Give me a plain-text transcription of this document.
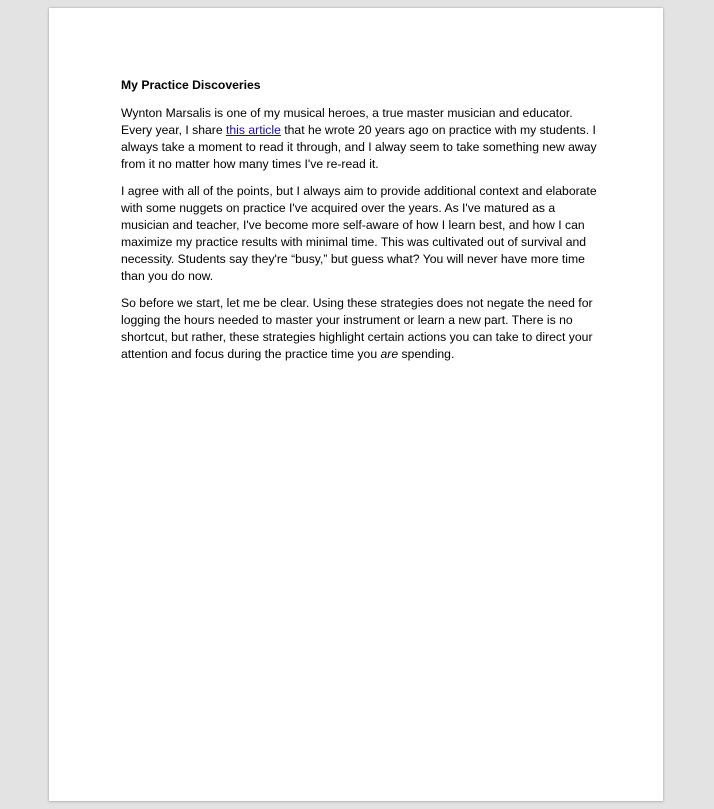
My Practice Discoveries

Wynton Marsalis is one of my musical heroes, a true master musician and educator. Every year, I share this article that he wrote 20 years ago on practice with my students. I always take a moment to read it through, and I alway seem to take something new away from it no matter how many times I've re-read it.

I agree with all of the points, but I always aim to provide additional context and elaborate with some nuggets on practice I've acquired over the years. As I've matured as a musician and teacher, I've become more self-aware of how I learn best, and how I can maximize my practice results with minimal time. This was cultivated out of survival and necessity. Students say they're “busy,” but guess what? You will never have more time than you do now.

So before we start, let me be clear. Using these strategies does not negate the need for logging the hours needed to master your instrument or learn a new part. There is no shortcut, but rather, these strategies highlight certain actions you can take to direct your attention and focus during the practice time you are spending.
